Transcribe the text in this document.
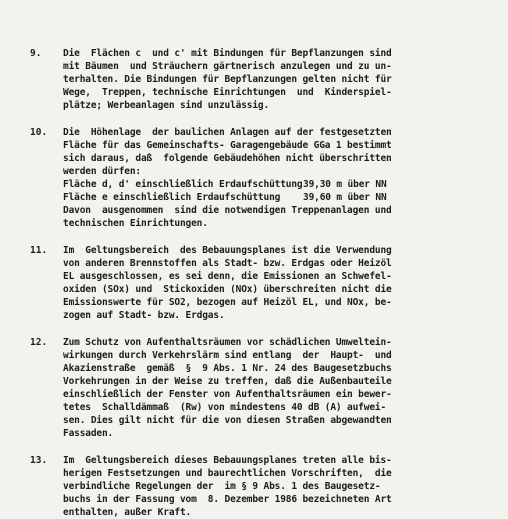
9. Die  Flächen c  und c' mit Bindungen für Bepflanzungen sind
mit Bäumen  und Sträuchern gärtnerisch anzulegen und zu un-
terhalten. Die Bindungen für Bepflanzungen gelten nicht für
Wege,  Treppen, technische Einrichtungen  und  Kinderspiel-
plätze; Werbeanlagen sind unzulässig.
10. Die  Höhenlage  der baulichen Anlagen auf der festgesetzten
Fläche für das Gemeinschafts- Garagengebäude GGa 1 bestimmt
sich daraus, daß  folgende Gebäudehöhen nicht überschritten
werden dürfen:
Fläche d, d' einschließlich Erdaufschüttung 39,30 m über NN
Fläche e einschließlich Erdaufschüttung	39,60 m über NN
Davon  ausgenommen  sind die notwendigen Treppenanlagen und
technischen Einrichtungen.
11. Im  Geltungsbereich  des Bebauungsplanes ist die Verwendung
von anderen Brennstoffen als Stadt- bzw. Erdgas oder Heizöl
EL ausgeschlossen, es sei denn, die Emissionen an Schwefel-
oxiden (SOx) und  Stickoxiden (NOx) überschreiten nicht die
Emissionswerte für SO2, bezogen auf Heizöl EL, und NOx, be-
zogen auf Stadt- bzw. Erdgas.
12. Zum Schutz von Aufenthaltsräumen vor schädlichen Umweltein-
wirkungen durch Verkehrslärm sind entlang  der  Haupt-  und
Akazienstraße  gemäß  §  9 Abs. 1 Nr. 24 des Baugesetzbuchs
Vorkehrungen in der Weise zu treffen, daß die Außenbauteile
einschließlich der Fenster von Aufenthaltsräumen ein bewer-
tetes  Schalldämmaß  (Rw) von mindestens 40 dB (A) aufwei-
sen. Dies gilt nicht für die von diesen Straßen abgewandten
Fassaden.
13. Im  Geltungsbereich dieses Bebauungsplanes treten alle bis-
herigen Festsetzungen und baurechtlichen Vorschriften,  die
verbindliche Regelungen der  im § 9 Abs. 1 des Baugesetz-
buchs in der Fassung vom  8. Dezember 1986 bezeichneten Art
enthalten, außer Kraft.
